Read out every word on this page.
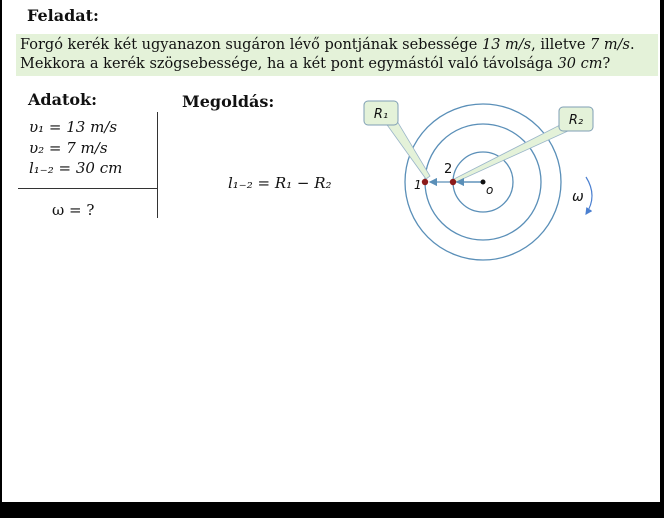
Feladat:
Forgó kerék két ugyanazon sugáron lévő pontjának sebessége 13 m/s, illetve 7 m/s.
Mekkora a kerék szögsebessége, ha a két pont egymástól való távolsága 30 cm?
Adatok:	Megoldás:
υ₁ = 13 m/s
υ₂ = 7 m/s
l₁₋₂ = 30 cm
ω = ?
l₁₋₂ = R₁ − R₂
R₁	R₂
1
2
o	ω
